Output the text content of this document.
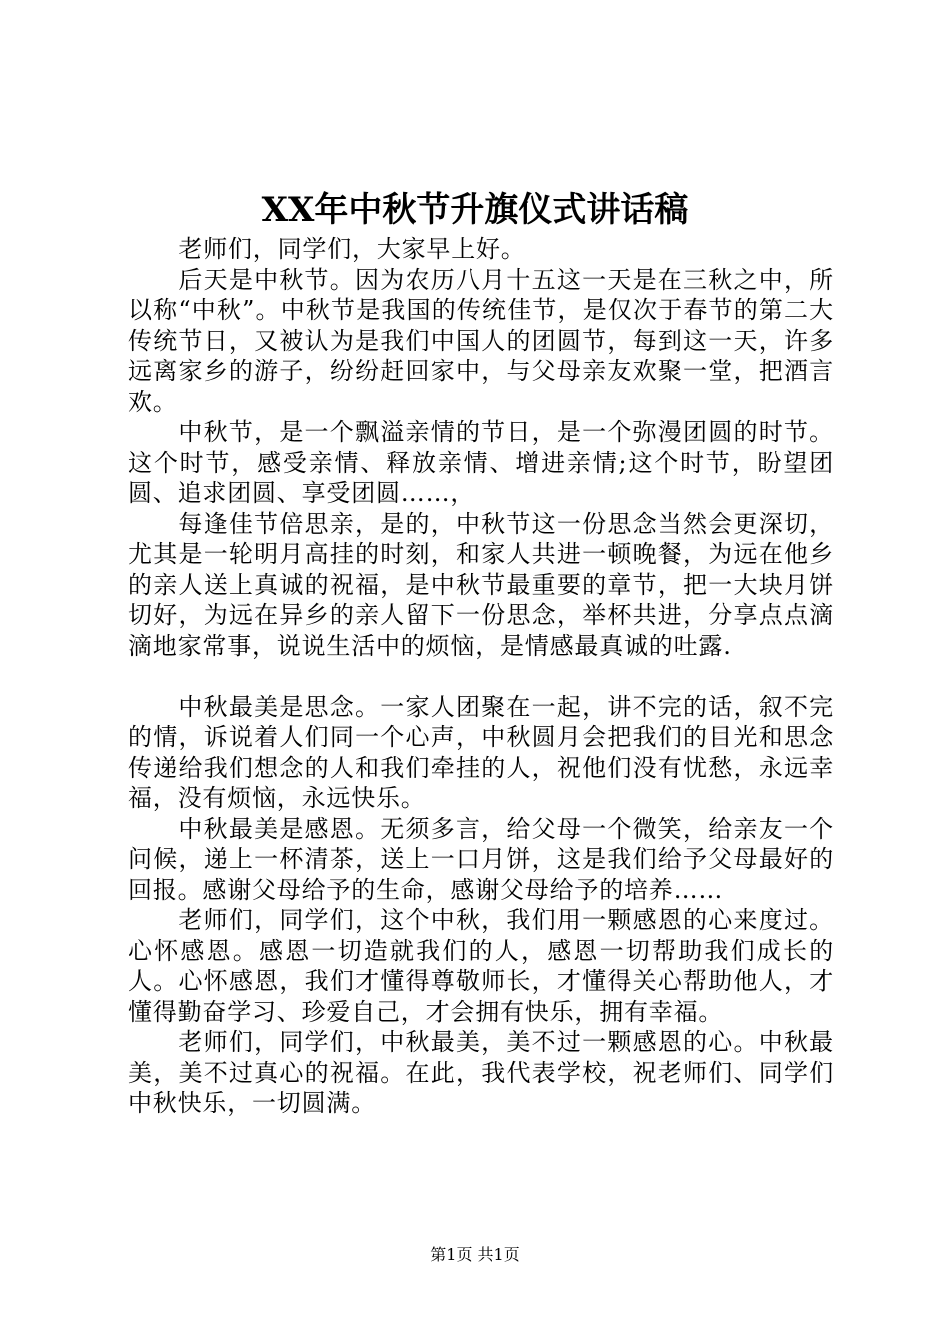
XX年中秋节升旗仪式讲话稿

老师们，同学们，大家早上好。

后天是中秋节。因为农历八月十五这一天是在三秋之中，所以称“中秋”。中秋节是我国的传统佳节，是仅次于春节的第二大传统节日，又被认为是我们中国人的团圆节，每到这一天，许多远离家乡的游子，纷纷赶回家中，与父母亲友欢聚一堂，把酒言欢。

中秋节，是一个飘溢亲情的节日，是一个弥漫团圆的时节。这个时节，感受亲情、释放亲情、增进亲情;这个时节，盼望团圆、追求团圆、享受团圆……，

每逢佳节倍思亲，是的，中秋节这一份思念当然会更深切，尤其是一轮明月高挂的时刻，和家人共进一顿晚餐，为远在他乡的亲人送上真诚的祝福，是中秋节最重要的章节，把一大块月饼切好，为远在异乡的亲人留下一份思念，举杯共进，分享点点滴滴地家常事，说说生活中的烦恼，是情感最真诚的吐露.

中秋最美是思念。一家人团聚在一起，讲不完的话，叙不完的情，诉说着人们同一个心声，中秋圆月会把我们的目光和思念传递给我们想念的人和我们牵挂的人，祝他们没有忧愁，永远幸福，没有烦恼，永远快乐。

中秋最美是感恩。无须多言，给父母一个微笑，给亲友一个问候，递上一杯清茶，送上一口月饼，这是我们给予父母最好的回报。感谢父母给予的生命，感谢父母给予的培养……

老师们，同学们，这个中秋，我们用一颗感恩的心来度过。心怀感恩。感恩一切造就我们的人，感恩一切帮助我们成长的人。心怀感恩，我们才懂得尊敬师长，才懂得关心帮助他人，才懂得勤奋学习、珍爱自己，才会拥有快乐，拥有幸福。

老师们，同学们，中秋最美，美不过一颗感恩的心。中秋最美，美不过真心的祝福。在此，我代表学校，祝老师们、同学们中秋快乐，一切圆满。

第1页 共1页
